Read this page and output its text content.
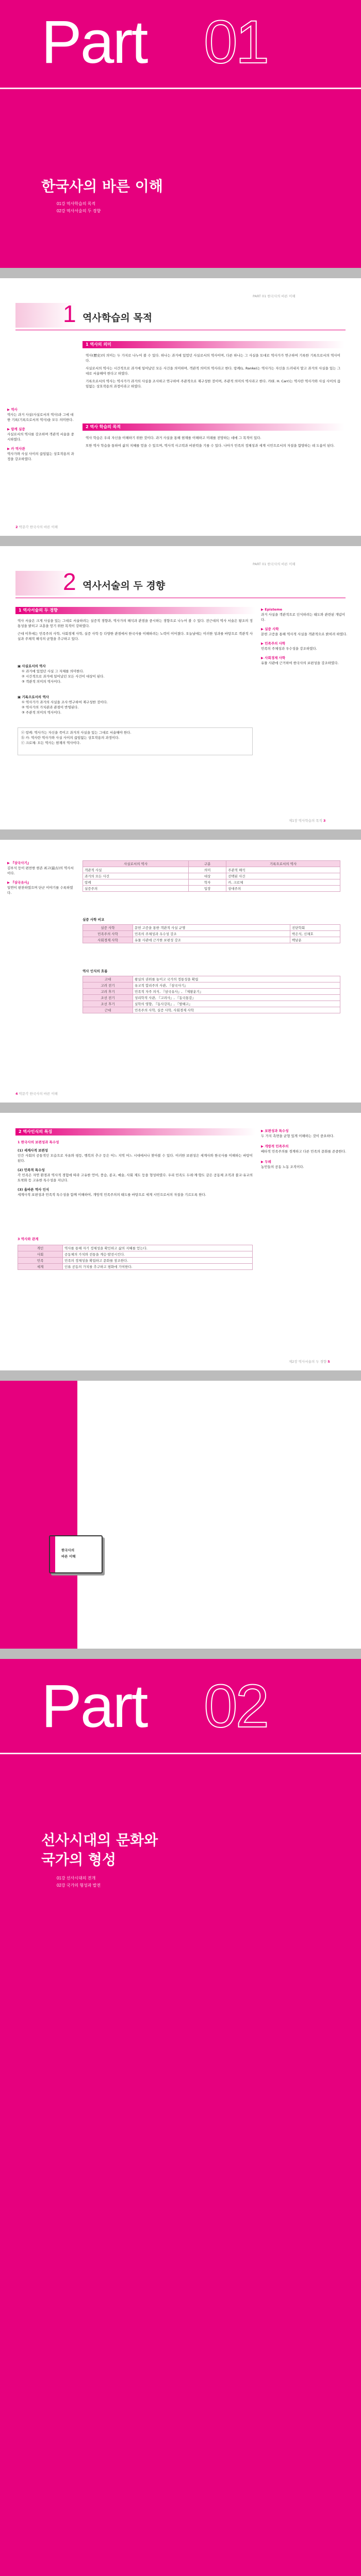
Part 01
한국사의 바른 이해
01강 역사학습의 목적
02강 역사서술의 두 경향
PART 01 한국사의 바른 이해
1 역사학습의 목적
▶ 역사
역사는 과거 사실(사실로서의 역사)과 그에 대한 기록(기록으로서의 역사)을 모두 의미한다.
▶ 랑케 실증
사실로서의 역사를 강조하며 객관적 서술을 중시하였다.
▶ 카 역사관
역사가와 사실 사이의 끊임없는 상호작용의 과정을 강조하였다.
1 역사의 의미

역사(歷史)의 의미는 두 가지로 나누어 볼 수 있다. 하나는 과거에 있었던 사실로서의 역사이며, 다른 하나는 그 사실을 토대로 역사가가 연구하여 기록한 기록으로서의 역사이다.

사실로서의 역사는 시간적으로 과거에 일어났던 모든 사건을 의미하며, 객관적 의미의 역사라고 한다. 랑케(L. Ranke)는 역사가는 자신을 드러내지 말고 과거의 사실을 있는 그대로 서술해야 한다고 하였다.

기록으로서의 역사는 역사가가 과거의 사실을 조사하고 연구하여 주관적으로 재구성한 것이며, 주관적 의미의 역사라고 한다. 카(E. H. Carr)는 역사란 역사가와 사실 사이의 끊임없는 상호작용의 과정이라고 하였다.

2 역사 학습의 목적

역사 학습은 우리 자신을 이해하기 위한 것이다. 과거 사실을 통해 현재를 이해하고 미래를 전망하는 데에 그 목적이 있다.

또한 역사 학습을 통하여 삶의 지혜를 얻을 수 있으며, 역사적 사고력과 비판력을 기를 수 있다. 나아가 민족의 정체성과 세계 시민으로서의 자질을 함양하는 데 도움이 된다.

2 박문각 한국사의 바른 이해
PART 01 한국사의 바른 이해
2 역사서술의 두 경향
1 역사서술의 두 경향

역사 서술은 크게 사실을 있는 그대로 서술하려는 실증적 경향과, 역사가의 해석과 관점을 중시하는 경향으로 나누어 볼 수 있다. 전근대의 역사 서술은 왕조의 정통성을 밝히고 교훈을 얻기 위한 목적이 강하였다.

근대 이후에는 민족주의 사학, 사회경제 사학, 실증 사학 등 다양한 관점에서 한국사를 이해하려는 노력이 이어졌다. 오늘날에는 이러한 성과를 바탕으로 객관적 사실과 주체적 해석의 균형을 추구하고 있다.

▣ 사실로서의 역사
① 과거에 있었던 사실 그 자체를 의미한다.
② 시간적으로 과거에 일어났던 모든 사건이 대상이 된다.
③ 객관적 의미의 역사이다.
▣ 기록으로서의 역사
① 역사가가 과거의 사실을 조사·연구하여 재구성한 것이다.
② 역사가의 가치관과 관점이 반영된다.
③ 주관적 의미의 역사이다.
ⓐ 랑케: 역사가는 자신을 죽이고 과거의 사실을 있는 그대로 서술해야 한다.
ⓑ 카: 역사란 역사가와 사실 사이의 끊임없는 상호작용의 과정이다.
ⓒ 크로체: 모든 역사는 현재의 역사이다.
▶ Episteme
과거 사실을 객관적으로 인식하려는 태도와 관련된 개념이다.
▶ 실증 사학
문헌 고증을 통해 역사적 사실을 객관적으로 밝히려 하였다.
▶ 민족주의 사학
민족의 주체성과 우수성을 강조하였다.
▶ 사회경제 사학
유물 사관에 근거하여 한국사의 보편성을 강조하였다.
제1장 역사학습의 목적 3
▶ 『삼국사기』
김부식 등이 편찬한 현존 최고(最古)의 역사서이다.
▶ 『삼국유사』
일연이 편찬하였으며 단군 이야기를 수록하였다.
사실로서의 역사	구분	기록으로서의 역사
객관적 사실	의미	주관적 해석
과거의 모든 사건	대상	선택된 사건
랑케	학자	카, 크로체
실증주의	입장	상대주의
실증 사학 비교
실증 사학	문헌 고증을 통한 객관적 사실 규명	진단학회
민족주의 사학	민족의 주체성과 우수성 강조	박은식, 신채호
사회경제 사학	유물 사관에 근거한 보편성 강조	백남운
역사 인식의 흐름
고대	왕실의 권위를 높이고 국가의 정통성을 확립
고려 전기	유교적 합리주의 사관, 『삼국사기』
고려 후기	민족적 자주 의식, 『삼국유사』, 『제왕운기』
조선 전기	성리학적 사관, 『고려사』, 『동국통감』
조선 후기	실학의 영향, 『동사강목』, 『발해고』
근대	민족주의 사학, 실증 사학, 사회경제 사학
4 박문각 한국사의 바른 이해
2 역사인식의 특징
1 한국사의 보편성과 특수성
(1) 세계사적 보편성

인간 사회의 공통적인 모습으로 자유와 평등, 행복의 추구 등은 어느 지역 어느 시대에서나 찾아볼 수 있다. 이러한 보편성은 세계사와 한국사를 이해하는 바탕이 된다.

(2) 민족적 특수성

각 민족은 자연 환경과 역사적 경험에 따라 고유한 언어, 풍습, 종교, 예술, 사회 제도 등을 형성하였다. 우리 민족도 두레·계·향도 같은 공동체 조직과 불교·유교의 토착화 등 고유한 특수성을 지닌다.

(3) 올바른 역사 인식

세계사적 보편성과 민족적 특수성을 함께 이해하여, 개방적 민족주의의 태도를 바탕으로 세계 시민으로서의 자질을 기르도록 한다.

3 역사와 관계
개인	역사를 통해 자기 정체성을 확인하고 삶의 지혜를 얻는다.
사회	공동체의 가치와 전통을 계승·발전시킨다.
민족	민족의 정체성을 확립하고 문화를 창조한다.
세계	인류 공동의 가치를 추구하고 평화에 기여한다.
▶ 보편성과 특수성
두 가지 측면을 균형 있게 이해하는 것이 중요하다.
▶ 개방적 민족주의
배타적 민족주의를 경계하고 다른 민족의 문화를 존중한다.
▶ 두레
농민들의 공동 노동 조직이다.
제2장 역사서술의 두 경향 5
한국사의
바른 이해
Part 02
선사시대의 문화와
국가의 형성
01강 선사시대의 전개
02강 국가의 형성과 발전
